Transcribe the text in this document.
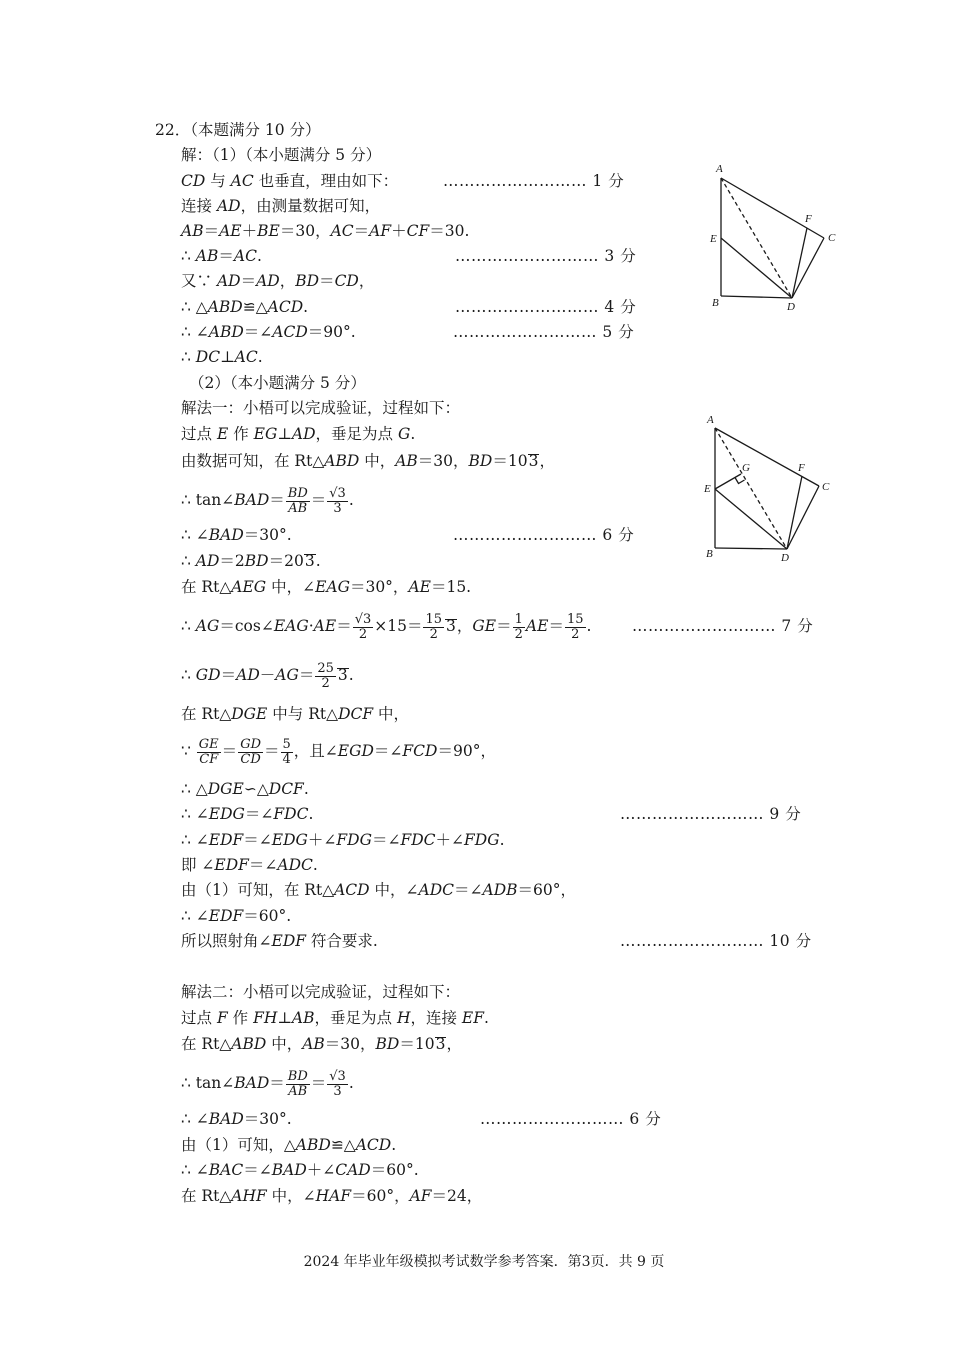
22．（本题满分 10 分）
解：（1）（本小题满分 5 分）
CD 与 AC 也垂直，理由如下：	……………………… 1 分
连接 AD，由测量数据可知，
AB＝AE＋BE＝30，AC＝AF＋CF＝30.
∴ AB＝AC.	……………………… 3 分
又∵ AD＝AD，BD＝CD，
∴ △ABD≌△ACD.	……………………… 4 分
∴ ∠ABD＝∠ACD＝90°.	……………………… 5 分
∴ DC⊥AC.
A
F
C
E
B	D
（2）（本小题满分 5 分）
解法一：小梧可以完成验证，过程如下：
过点 E 作 EG⊥AD，垂足为点 G.
由数据可知，在 Rt△ABD 中，AB＝30，BD＝103，
∴ tan∠BAD＝ $\frac{BD}{AB} = \frac{√3}{3}$ .
∴ ∠BAD＝30°.	……………………… 6 分
∴ AD＝2BD＝203.
在 Rt△AEG 中，∠EAG＝30°，AE＝15.
∴ AG＝cos∠EAG·AE＝ $\frac{√3}{2} \times 15= \frac{15}{2} 3$，$GE= \frac{1}{2} AE= \frac{15}{2}$ .	……………………… 7 分
∴ $GD=AD-AG= \frac{25}{2} 3$.
在 Rt△DGE 中与 Rt△DCF 中，
∵ $\frac{GE}{CF} = \frac{GD}{CD} = \frac{5}{4}$ ，且∠EGD＝∠FCD＝90°，
∴ △DGE∽△DCF.
∴ ∠EDG＝∠FDC.	……………………… 9 分
∴ ∠EDF＝∠EDG＋∠FDG＝∠FDC＋∠FDG.
即 ∠EDF＝∠ADC.
由（1）可知，在 Rt△ACD 中，∠ADC＝∠ADB＝60°，
∴ ∠EDF＝60°.
所以照射角∠EDF 符合要求.	……………………… 10 分
A
G	F
C
E
B	D
解法二：小梧可以完成验证，过程如下：
过点 F 作 FH⊥AB，垂足为点 H，连接 EF.
在 Rt△ABD 中，AB＝30，BD＝103，
∴ tan∠BAD＝ $\frac{BD}{AB} = \frac{√3}{3}$ .
∴ ∠BAD＝30°.	……………………… 6 分
由（1）可知，△ABD≌△ACD.
∴ ∠BAC＝∠BAD＋∠CAD＝60°.
在 Rt△AHF 中，∠HAF＝60°，AF＝24，
2024 年毕业年级模拟考试数学参考答案．第3页．共 9 页
